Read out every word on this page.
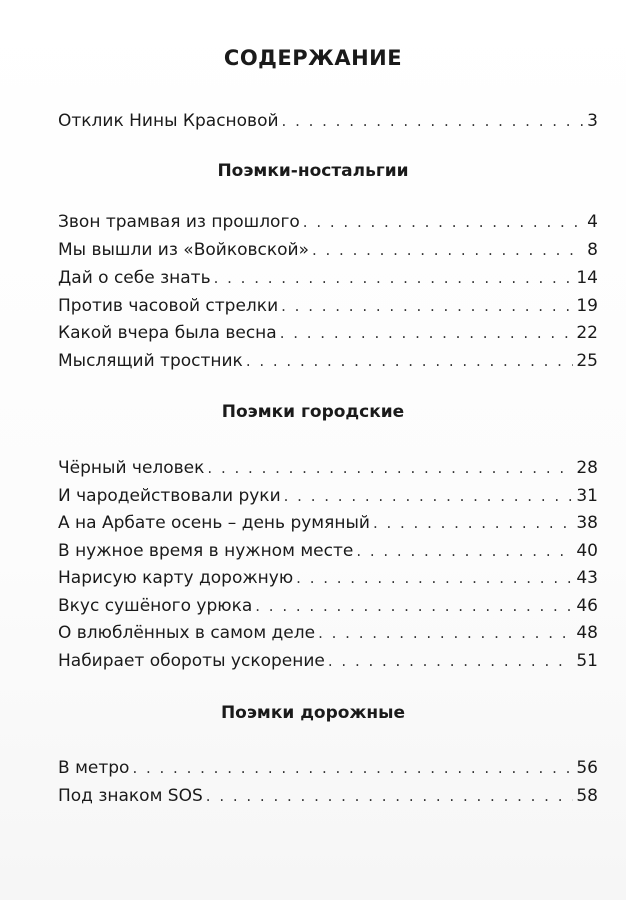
СОДЕРЖАНИЕ
Отклик Нины Красновой . . .	3
Поэмки-ностальгии
Звон трамвая из прошлого . . .	4
Мы вышли из «Войковской» . . .	8
Дай о себе знать . . .	14
Против часовой стрелки . . .	19
Какой вчера была весна . . .	22
Мыслящий тростник . . .	25
Поэмки городские
Чёрный человек . . .	28
И чародействовали руки . . .	31
А на Арбате осень – день румяный . . .	38
В нужное время в нужном месте . . .	40
Нарисую карту дорожную . . .	43
Вкус сушёного урюка . . .	46
О влюблённых в самом деле . . .	48
Набирает обороты ускорение . . .	51
Поэмки дорожные
В метро . . .	56
Под знаком SOS . . .	58
